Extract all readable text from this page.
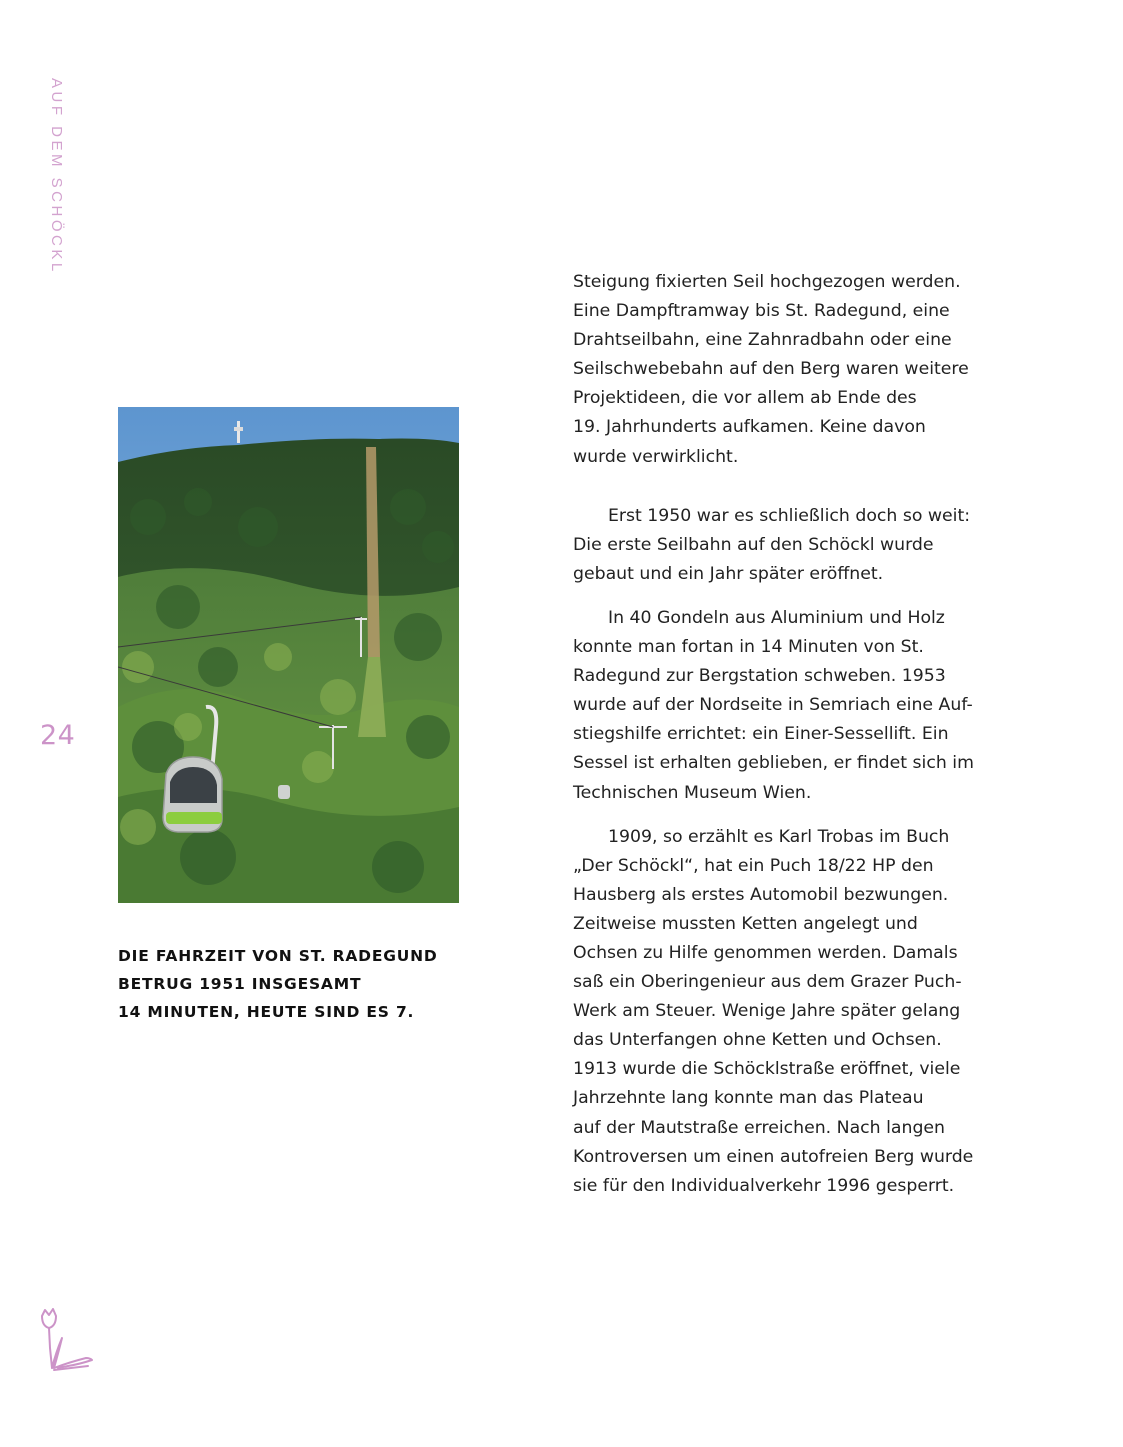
AUF DEM SCHÖCKL
24

DIE FAHRZEIT VON ST. RADEGUND
BETRUG 1951 INSGESAMT
14 MINUTEN, HEUTE SIND ES 7.

Steigung fixierten Seil hochgezogen werden.
Eine Dampftramway bis St. Radegund, eine
Drahtseilbahn, eine Zahnradbahn oder eine
Seilschwebebahn auf den Berg waren weitere
Projektideen, die vor allem ab Ende des
19. Jahrhunderts aufkamen. Keine davon
wurde verwirklicht.

Erst 1950 war es schließlich doch so weit:
Die erste Seilbahn auf den Schöckl wurde
gebaut und ein Jahr später eröffnet.

In 40 Gondeln aus Aluminium und Holz
konnte man fortan in 14 Minuten von St.
Radegund zur Bergstation schweben. 1953
wurde auf der Nordseite in Semriach eine Auf-
stiegshilfe errichtet: ein Einer-Sessellift. Ein
Sessel ist erhalten geblieben, er findet sich im
Technischen Museum Wien.

1909, so erzählt es Karl Trobas im Buch
„Der Schöckl“, hat ein Puch 18/22 HP den
Hausberg als erstes Automobil bezwungen.
Zeitweise mussten Ketten angelegt und
Ochsen zu Hilfe genommen werden. Damals
saß ein Oberingenieur aus dem Grazer Puch-
Werk am Steuer. Wenige Jahre später gelang
das Unterfangen ohne Ketten und Ochsen.
1913 wurde die Schöcklstraße eröffnet, viele
Jahrzehnte lang konnte man das Plateau
auf der Mautstraße erreichen. Nach langen
Kontroversen um einen autofreien Berg wurde
sie für den Individualverkehr 1996 gesperrt.
